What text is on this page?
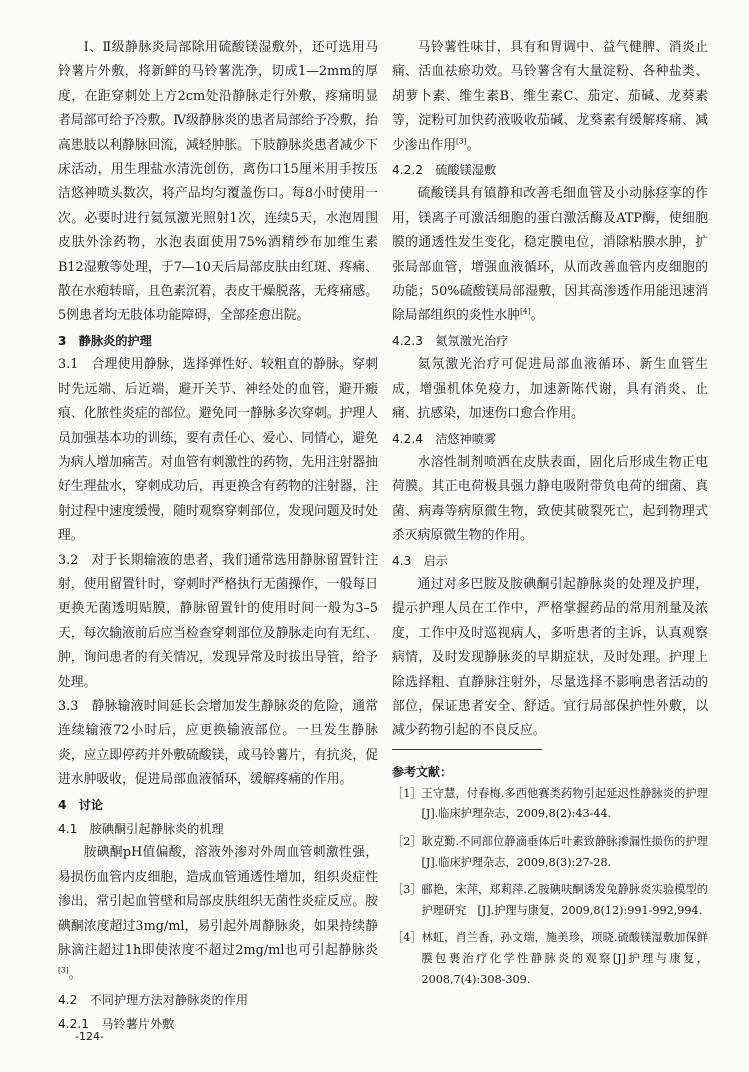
Ⅰ、Ⅱ级静脉炎局部除用硫酸镁湿敷外，还可选用马铃薯片外敷，将新鲜的马铃薯洗净，切成1—2mm的厚度，在距穿刺处上方2cm处沿静脉走行外敷，疼痛明显者局部可给予冷敷。Ⅳ级静脉炎的患者局部给予冷敷，抬高患肢以利静脉回流，减轻肿胀。下肢静脉炎患者减少下床活动，用生理盐水清洗创伤，离伤口15厘米用手按压洁悠神喷头数次，将产品均匀覆盖伤口。每8小时使用一次。必要时进行氦氖激光照射1次，连续5天，水泡周围皮肤外涂药物，水泡表面使用75%酒精纱布加维生素B12湿敷等处理，于7—10天后局部皮肤由红斑、疼痛、散在水疱转暗，且色素沉着，表皮干燥脱落，无疼痛感。5例患者均无肢体功能障碍，全部痊愈出院。

3　静脉炎的护理

3.1　合理使用静脉，选择弹性好、较粗直的静脉。穿刺时先远端、后近端，避开关节、神经处的血管，避开瘢痕、化脓性炎症的部位。避免同一静脉多次穿刺。护理人员加强基本功的训练，要有责任心、爱心、同情心，避免为病人增加痛苦。对血管有刺激性的药物，先用注射器抽好生理盐水，穿刺成功后，再更换含有药物的注射器，注射过程中速度缓慢，随时观察穿刺部位，发现问题及时处理。

3.2　对于长期输液的患者，我们通常选用静脉留置针注射，使用留置针时，穿刺时严格执行无菌操作，一般每日更换无菌透明贴膜，静脉留置针的使用时间一般为3–5天，每次输液前后应当检查穿刺部位及静脉走向有无红、肿，询问患者的有关情况，发现异常及时拔出导管，给予处理。

3.3　静脉输液时间延长会增加发生静脉炎的危险，通常连续输液72小时后，应更换输液部位。一旦发生静脉炎，应立即停药并外敷硫酸镁，或马铃薯片，有抗炎，促进水肿吸收，促进局部血液循环，缓解疼痛的作用。

4　讨论
4.1　胺碘酮引起静脉炎的机理

胺碘酮pH值偏酸，溶液外渗对外周血管刺激性强，易损伤血管内皮细胞，造成血管通透性增加，组织炎症性渗出，常引起血管壁和局部皮肤组织无菌性炎症反应。胺碘酮浓度超过3mg/ml，易引起外周静脉炎，如果持续静脉滴注超过1h即使浓度不超过2mg/ml也可引起静脉炎[3]。

4.2　不同护理方法对静脉炎的作用
4.2.1　马铃薯片外敷

马铃薯性味甘，具有和胃调中、益气健脾、消炎止痛、活血祛瘀功效。马铃薯含有大量淀粉、各种盐类、胡萝卜素、维生素B、维生素C、茄定、茄碱、龙葵素等，淀粉可加快药液吸收茄碱、龙葵素有缓解疼痛、减少渗出作用[3]。

4.2.2　硫酸镁湿敷

硫酸镁具有镇静和改善毛细血管及小动脉痉挛的作用，镁离子可激活细胞的蛋白激活酶及ATP酶，使细胞膜的通透性发生变化，稳定膜电位，消除粘膜水肿，扩张局部血管，增强血液循环，从而改善血管内皮细胞的功能；50%硫酸镁局部湿敷，因其高渗透作用能迅速消除局部组织的炎性水肿[4]。

4.2.3　氦氖激光治疗

氦氖激光治疗可促进局部血液循环、新生血管生成，增强机体免疫力，加速新陈代谢，具有消炎、止痛、抗感染，加速伤口愈合作用。

4.2.4　洁悠神喷雾

水溶性制剂喷洒在皮肤表面，固化后形成生物正电荷膜。其正电荷极具强力静电吸附带负电荷的细菌、真菌、病毒等病原微生物，致使其破裂死亡，起到物理式杀灭病原微生物的作用。

4.3　启示

通过对多巴胺及胺碘酮引起静脉炎的处理及护理，提示护理人员在工作中，严格掌握药品的常用剂量及浓度，工作中及时巡视病人，多听患者的主诉，认真观察病情，及时发现静脉炎的早期症状，及时处理。护理上除选择粗、直静脉注射外，尽量选择不影响患者活动的部位，保证患者安全、舒适。宜行局部保护性外敷，以减少药物引起的不良反应。

参考文献：
［1］ 王守慧，付春梅.多西他赛类药物引起延迟性静脉炎的护理[J].临床护理杂志，2009,8(2):43-44.
［2］ 耿克勤.不同部位静滴垂体后叶素致静脉渗漏性损伤的护理[J].临床护理杂志，2009,8(3):27-28.
［3］ 郦艳，宋萍，郑莉萍.乙胺碘呋酮诱发兔静脉炎实验模型的护理研究　[J].护理与康复，2009,8(12):991-992,994.
［4］ 林虹，肖兰香，孙文瑞，施美珍，项晓.硫酸镁湿敷加保鲜膜包裹治疗化学性静脉炎的观察[J]护理与康复，2008,7(4):308-309.
-124-
